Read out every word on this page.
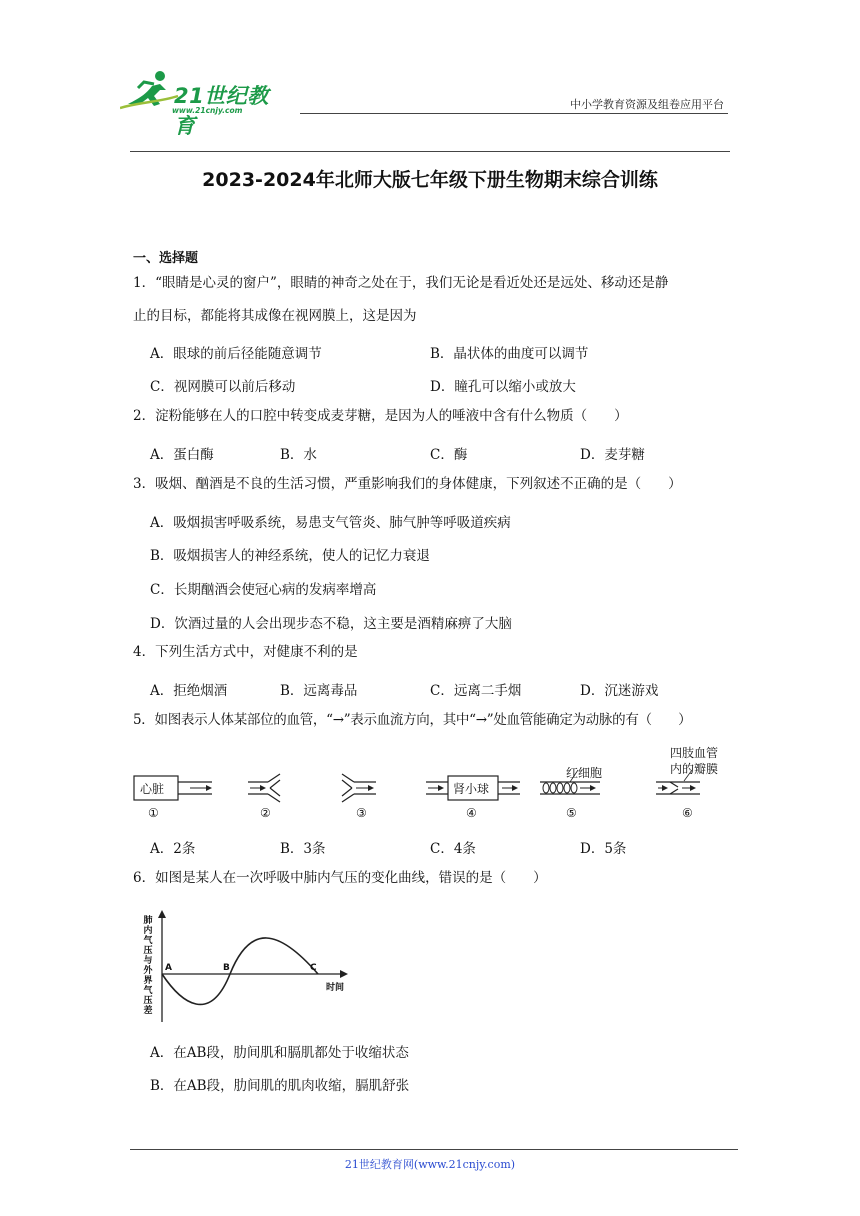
21世纪教育
www.21cnjy.com	中小学教育资源及组卷应用平台
2023-2024年北师大版七年级下册生物期末综合训练
一、选择题
1．“眼睛是心灵的窗户”，眼睛的神奇之处在于，我们无论是看近处还是远处、移动还是静
止的目标，都能将其成像在视网膜上，这是因为
A．眼球的前后径能随意调节	B．晶状体的曲度可以调节
C．视网膜可以前后移动	D．瞳孔可以缩小或放大
2．淀粉能够在人的口腔中转变成麦芽糖，是因为人的唾液中含有什么物质（　　）
A．蛋白酶	B．水	C．酶	D．麦芽糖
3．吸烟、酗酒是不良的生活习惯，严重影响我们的身体健康，下列叙述不正确的是（　　）
A．吸烟损害呼吸系统，易患支气管炎、肺气肿等呼吸道疾病
B．吸烟损害人的神经系统，使人的记忆力衰退
C．长期酗酒会使冠心病的发病率增高
D．饮酒过量的人会出现步态不稳，这主要是酒精麻痹了大脑
4．下列生活方式中，对健康不利的是
A．拒绝烟酒	B．远离毒品	C．远离二手烟	D．沉迷游戏
5．如图表示人体某部位的血管，“→”表示血流方向，其中“→”处血管能确定为动脉的有（　　）
心脏	肾小球
红细胞
四肢血管
内的瓣膜
①	②	③	④	⑤	⑥
A．2条	B．3条	C．4条	D．5条
6．如图是某人在一次呼吸中肺内气压的变化曲线，错误的是（　　）
肺
内
气
压
与
外
界
气
压
差
A	B	C
时间
A．在AB段，肋间肌和膈肌都处于收缩状态
B．在AB段，肋间肌的肌肉收缩，膈肌舒张
21世纪教育网(www.21cnjy.com)
